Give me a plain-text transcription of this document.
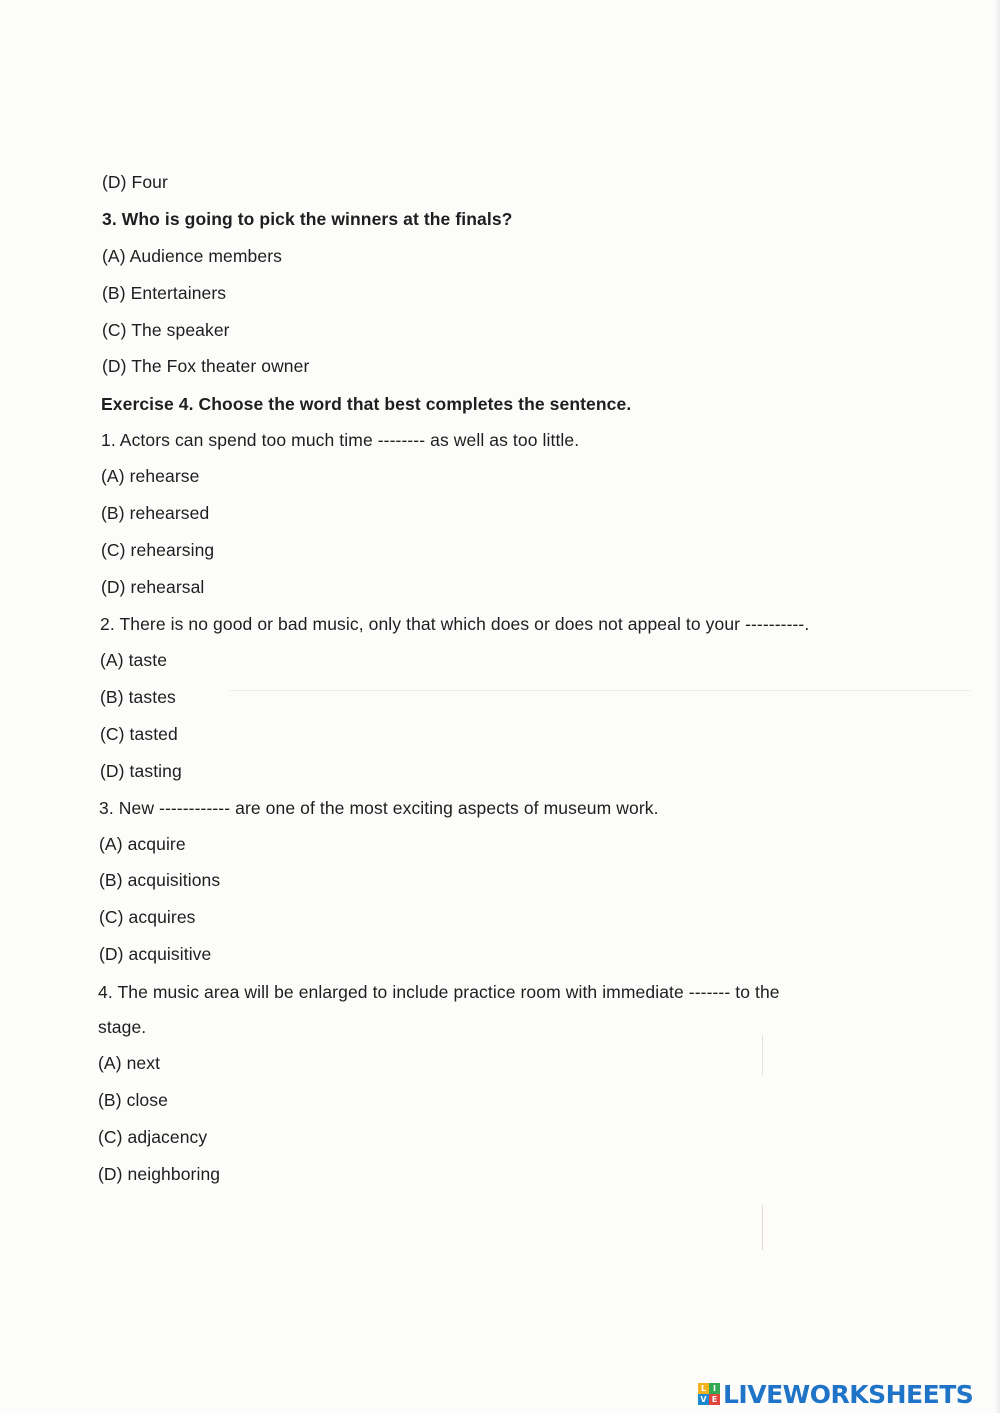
(D) Four
3. Who is going to pick the winners at the finals?
(A) Audience members
(B) Entertainers
(C) The speaker
(D) The Fox theater owner
Exercise 4. Choose the word that best completes the sentence.
1. Actors can spend too much time -------- as well as too little.
(A) rehearse
(B) rehearsed
(C) rehearsing
(D) rehearsal
2. There is no good or bad music, only that which does or does not appeal to your ----------.
(A) taste
(B) tastes
(C) tasted
(D) tasting
3. New ------------ are one of the most exciting aspects of museum work.
(A) acquire
(B) acquisitions
(C) acquires
(D) acquisitive
4. The music area will be enlarged to include practice room with immediate ------- to the
stage.
(A) next
(B) close
(C) adjacency
(D) neighboring
L I
V E LIVEWORKSHEETS
